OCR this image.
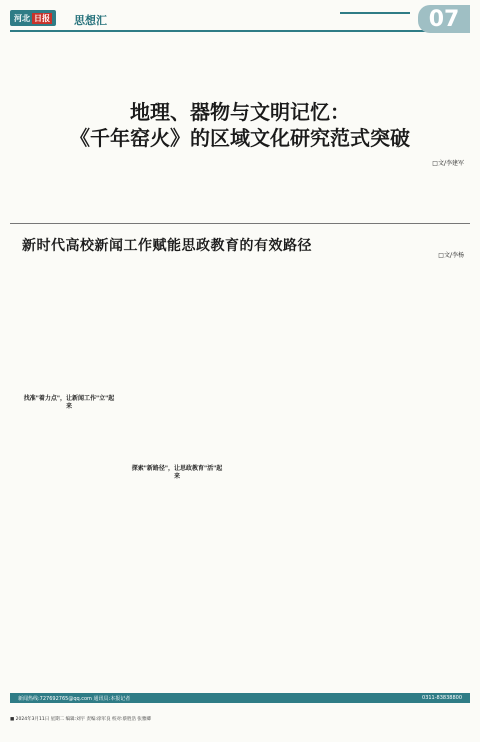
河北 日报 思想汇	07
地理、器物与文明记忆：
《千年窑火》的区域文化研究范式突破
□文/李建军
新时代高校新闻工作赋能思政教育的有效路径
□文/李杨
找准"着力点"，让新闻工作"立"起来
探索"新路径"，让思政教育"活"起来
新闻热线:727692765@qq.com 通讯员:本报记者	0311-83838800
■ 2024年3月11日 星期二 编辑:刘宇 责编:徐军良 校对:蔡胜浩 张雅卿
